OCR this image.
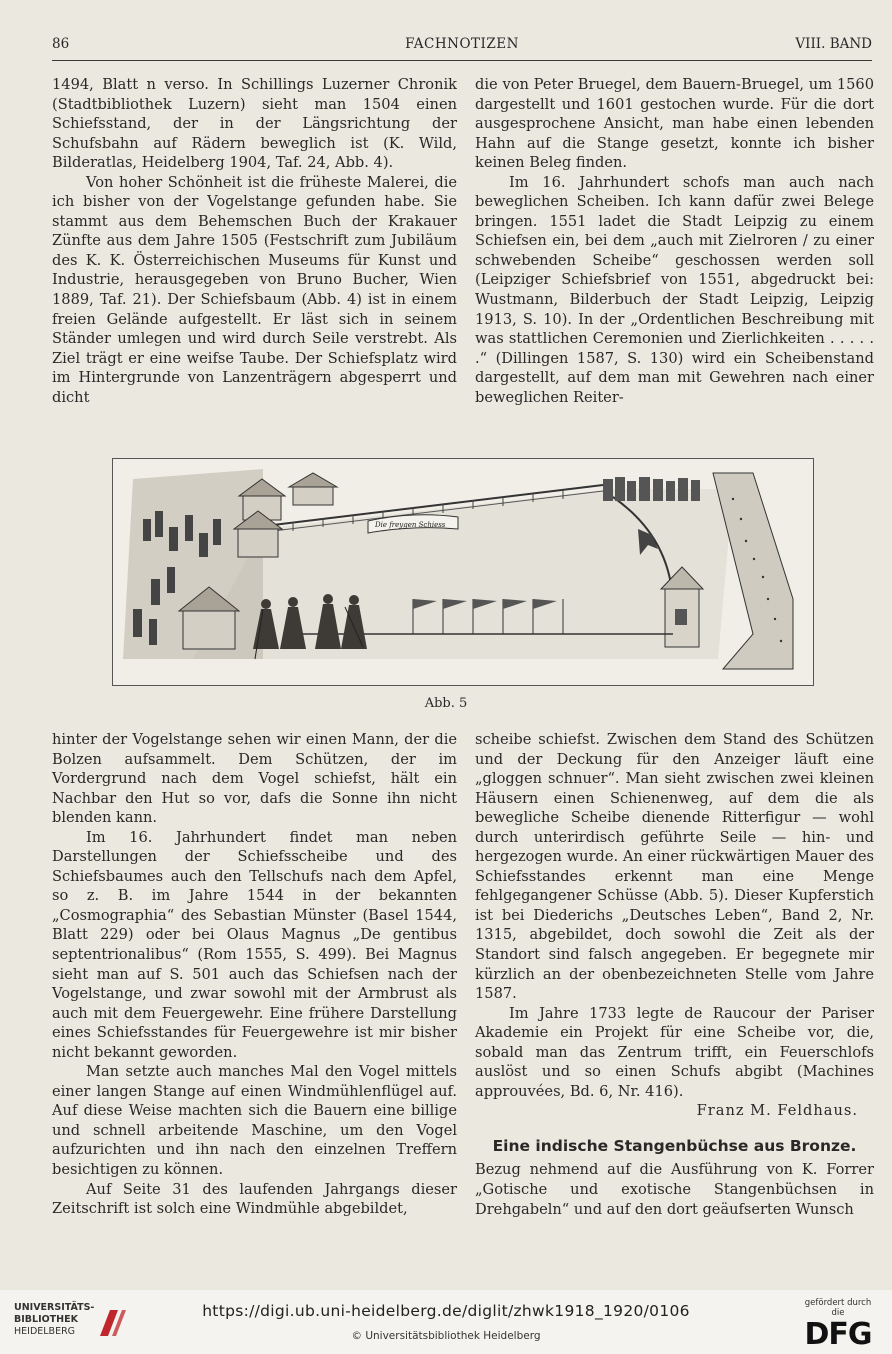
86	FACHNOTIZEN	VIII. BAND

1494, Blatt n verso. In Schillings Luzerner Chronik (Stadtbibliothek Luzern) sieht man 1504 einen Schiefsstand, der in der Längsrichtung der Schufsbahn auf Rädern beweglich ist (K. Wild, Bilderatlas, Heidelberg 1904, Taf. 24, Abb. 4).

Von hoher Schönheit ist die früheste Malerei, die ich bisher von der Vogelstange gefunden habe. Sie stammt aus dem Behemschen Buch der Krakauer Zünfte aus dem Jahre 1505 (Festschrift zum Jubiläum des K. K. Österreichischen Museums für Kunst und Industrie, herausgegeben von Bruno Bucher, Wien 1889, Taf. 21). Der Schiefsbaum (Abb. 4) ist in einem freien Gelände aufgestellt. Er läst sich in seinem Ständer umlegen und wird durch Seile verstrebt. Als Ziel trägt er eine weifse Taube. Der Schiefsplatz wird im Hintergrunde von Lanzenträgern abgesperrt und dicht

die von Peter Bruegel, dem Bauern-Bruegel, um 1560 dargestellt und 1601 gestochen wurde. Für die dort ausgesprochene Ansicht, man habe einen lebenden Hahn auf die Stange gesetzt, konnte ich bisher keinen Beleg finden.

Im 16. Jahrhundert schofs man auch nach beweglichen Scheiben. Ich kann dafür zwei Belege bringen. 1551 ladet die Stadt Leipzig zu einem Schiefsen ein, bei dem „auch mit Zielroren / zu einer schwebenden Scheibe“ geschossen werden soll (Leipziger Schiefsbrief von 1551, abgedruckt bei: Wustmann, Bilderbuch der Stadt Leipzig, Leipzig 1913, S. 10). In der „Ordentlichen Beschreibung mit was stattlichen Ceremonien und Zierlichkeiten . . . . . .“ (Dillingen 1587, S. 130) wird ein Scheibenstand dargestellt, auf dem man mit Gewehren nach einer beweglichen Reiter-

Die freygen Schiess
Abb. 5

hinter der Vogelstange sehen wir einen Mann, der die Bolzen aufsammelt. Dem Schützen, der im Vordergrund nach dem Vogel schiefst, hält ein Nachbar den Hut so vor, dafs die Sonne ihn nicht blenden kann.

Im 16. Jahrhundert findet man neben Darstellungen der Schiefsscheibe und des Schiefsbaumes auch den Tellschufs nach dem Apfel, so z. B. im Jahre 1544 in der bekannten „Cosmographia“ des Sebastian Münster (Basel 1544, Blatt 229) oder bei Olaus Magnus „De gentibus septentrionalibus“ (Rom 1555, S. 499). Bei Magnus sieht man auf S. 501 auch das Schiefsen nach der Vogelstange, und zwar sowohl mit der Armbrust als auch mit dem Feuergewehr. Eine frühere Darstellung eines Schiefsstandes für Feuergewehre ist mir bisher nicht bekannt geworden.

Man setzte auch manches Mal den Vogel mittels einer langen Stange auf einen Windmühlenflügel auf. Auf diese Weise machten sich die Bauern eine billige und schnell arbeitende Maschine, um den Vogel aufzurichten und ihn nach den einzelnen Treffern besichtigen zu können.

Auf Seite 31 des laufenden Jahrgangs dieser Zeitschrift ist solch eine Windmühle abgebildet,

scheibe schiefst. Zwischen dem Stand des Schützen und der Deckung für den Anzeiger läuft eine „gloggen schnuer“. Man sieht zwischen zwei kleinen Häusern einen Schienenweg, auf dem die als bewegliche Scheibe dienende Ritterfigur — wohl durch unterirdisch geführte Seile — hin- und hergezogen wurde. An einer rückwärtigen Mauer des Schiefsstandes erkennt man eine Menge fehlgegangener Schüsse (Abb. 5). Dieser Kupferstich ist bei Diederichs „Deutsches Leben“, Band 2, Nr. 1315, abgebildet, doch sowohl die Zeit als der Standort sind falsch angegeben. Er begegnete mir kürzlich an der obenbezeichneten Stelle vom Jahre 1587.

Im Jahre 1733 legte de Raucour der Pariser Akademie ein Projekt für eine Scheibe vor, die, sobald man das Zentrum trifft, ein Feuerschlofs auslöst und so einen Schufs abgibt (Machines approuvées, Bd. 6, Nr. 416).

Franz M. Feldhaus.

Eine indische Stangenbüchse aus Bronze.

Bezug nehmend auf die Ausführung von K. Forrer „Gotische und exotische Stangenbüchsen in Drehgabeln“ und auf den dort geäufserten Wunsch

UNIVERSITÄTS-
BIBLIOTHEK
HEIDELBERG
https://digi.ub.uni-heidelberg.de/diglit/zhwk1918_1920/0106
© Universitätsbibliothek Heidelberg
gefördert durch die
DFG
